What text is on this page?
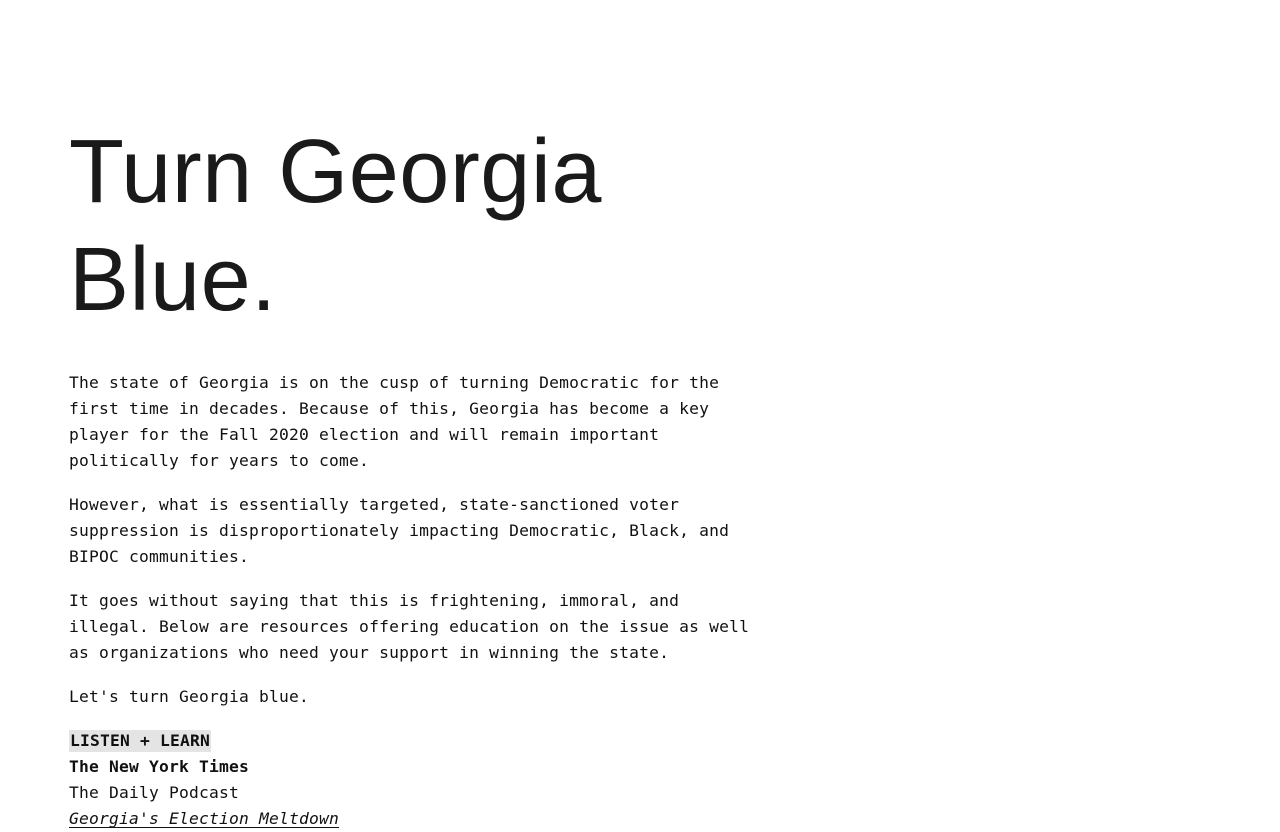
Turn Georgia
Blue.

The state of Georgia is on the cusp of turning Democratic for the first time in decades. Because of this, Georgia has become a key player for the Fall 2020 election and will remain important politically for years to come.

However, what is essentially targeted, state-sanctioned voter suppression is disproportionately impacting Democratic, Black, and BIPOC communities.

It goes without saying that this is frightening, immoral, and illegal. Below are resources offering education on the issue as well as organizations who need your support in winning the state.

Let's turn Georgia blue.

LISTEN + LEARN
The New York Times
The Daily Podcast
Georgia's Election Meltdown
